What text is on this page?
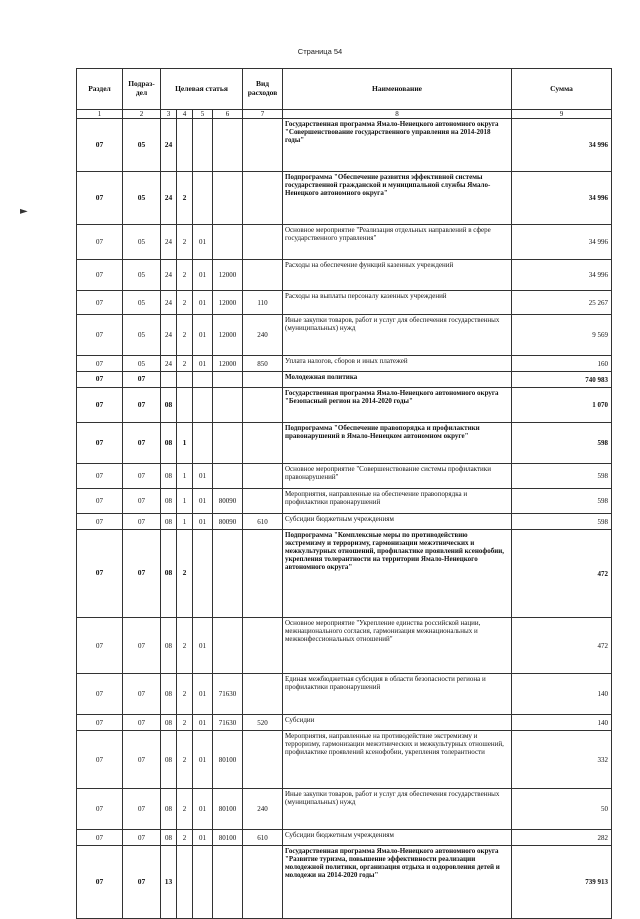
Страница 54
►
Раздел	Подраз-дел	Целевая статья				Вид расходов	Наименование	Сумма
1	2	3	4	5	6	7	8	9
07	05	24					Государственная программа Ямало-Ненецкого автономного округа "Совершенствование государственного управления на 2014-2018 годы"	34 996
07	05	24	2				Подпрограмма "Обеспечение развития эффективной системы государственной гражданской и муниципальной службы Ямало-Ненецкого автономного округа"	34 996
07	05	24	2	01			Основное мероприятие "Реализация отдельных направлений в сфере государственного управления"	34 996
07	05	24	2	01	12000		Расходы на обеспечение функций казенных учреждений	34 996
07	05	24	2	01	12000	110	Расходы на выплаты персоналу казенных учреждений	25 267
07	05	24	2	01	12000	240	Иные закупки товаров, работ и услуг для обеспечения государственных (муниципальных) нужд	9 569
07	05	24	2	01	12000	850	Уплата налогов, сборов и иных платежей	160
07	07						Молодежная политика	740 983
07	07	08					Государственная программа Ямало-Ненецкого автономного округа "Безопасный регион на 2014-2020 годы"	1 070
07	07	08	1				Подпрограмма "Обеспечение правопорядка и профилактики правонарушений в Ямало-Ненецком автономном округе"	598
07	07	08	1	01			Основное мероприятие "Совершенствование системы профилактики правонарушений"	598
07	07	08	1	01	80090		Мероприятия, направленные на обеспечение правопорядка и профилактики правонарушений	598
07	07	08	1	01	80090	610	Субсидии бюджетным учреждениям	598
07	07	08	2				Подпрограмма "Комплексные меры по противодействию экстремизму и терроризму, гармонизации межэтнических и межкультурных отношений, профилактике проявлений ксенофобии, укрепления толерантности на территории Ямало-Ненецкого автономного округа"	472
07	07	08	2	01			Основное мероприятие "Укрепление единства российской нации, межнационального согласия, гармонизация межнациональных и межконфессиональных отношений"	472
07	07	08	2	01	71630		Единая межбюджетная субсидия в области безопасности региона и профилактики правонарушений	140
07	07	08	2	01	71630	520	Субсидии	140
07	07	08	2	01	80100		Мероприятия, направленные на противодействие экстремизму и терроризму, гармонизации межэтнических и межкультурных отношений, профилактике проявлений ксенофобии, укрепления толерантности	332
07	07	08	2	01	80100	240	Иные закупки товаров, работ и услуг для обеспечения государственных (муниципальных) нужд	50
07	07	08	2	01	80100	610	Субсидии бюджетным учреждениям	282
07	07	13					Государственная программа Ямало-Ненецкого автономного округа "Развитие туризма, повышение эффективности реализации молодежной политики, организация отдыха и оздоровления детей и молодежи на 2014-2020 годы"	739 913
